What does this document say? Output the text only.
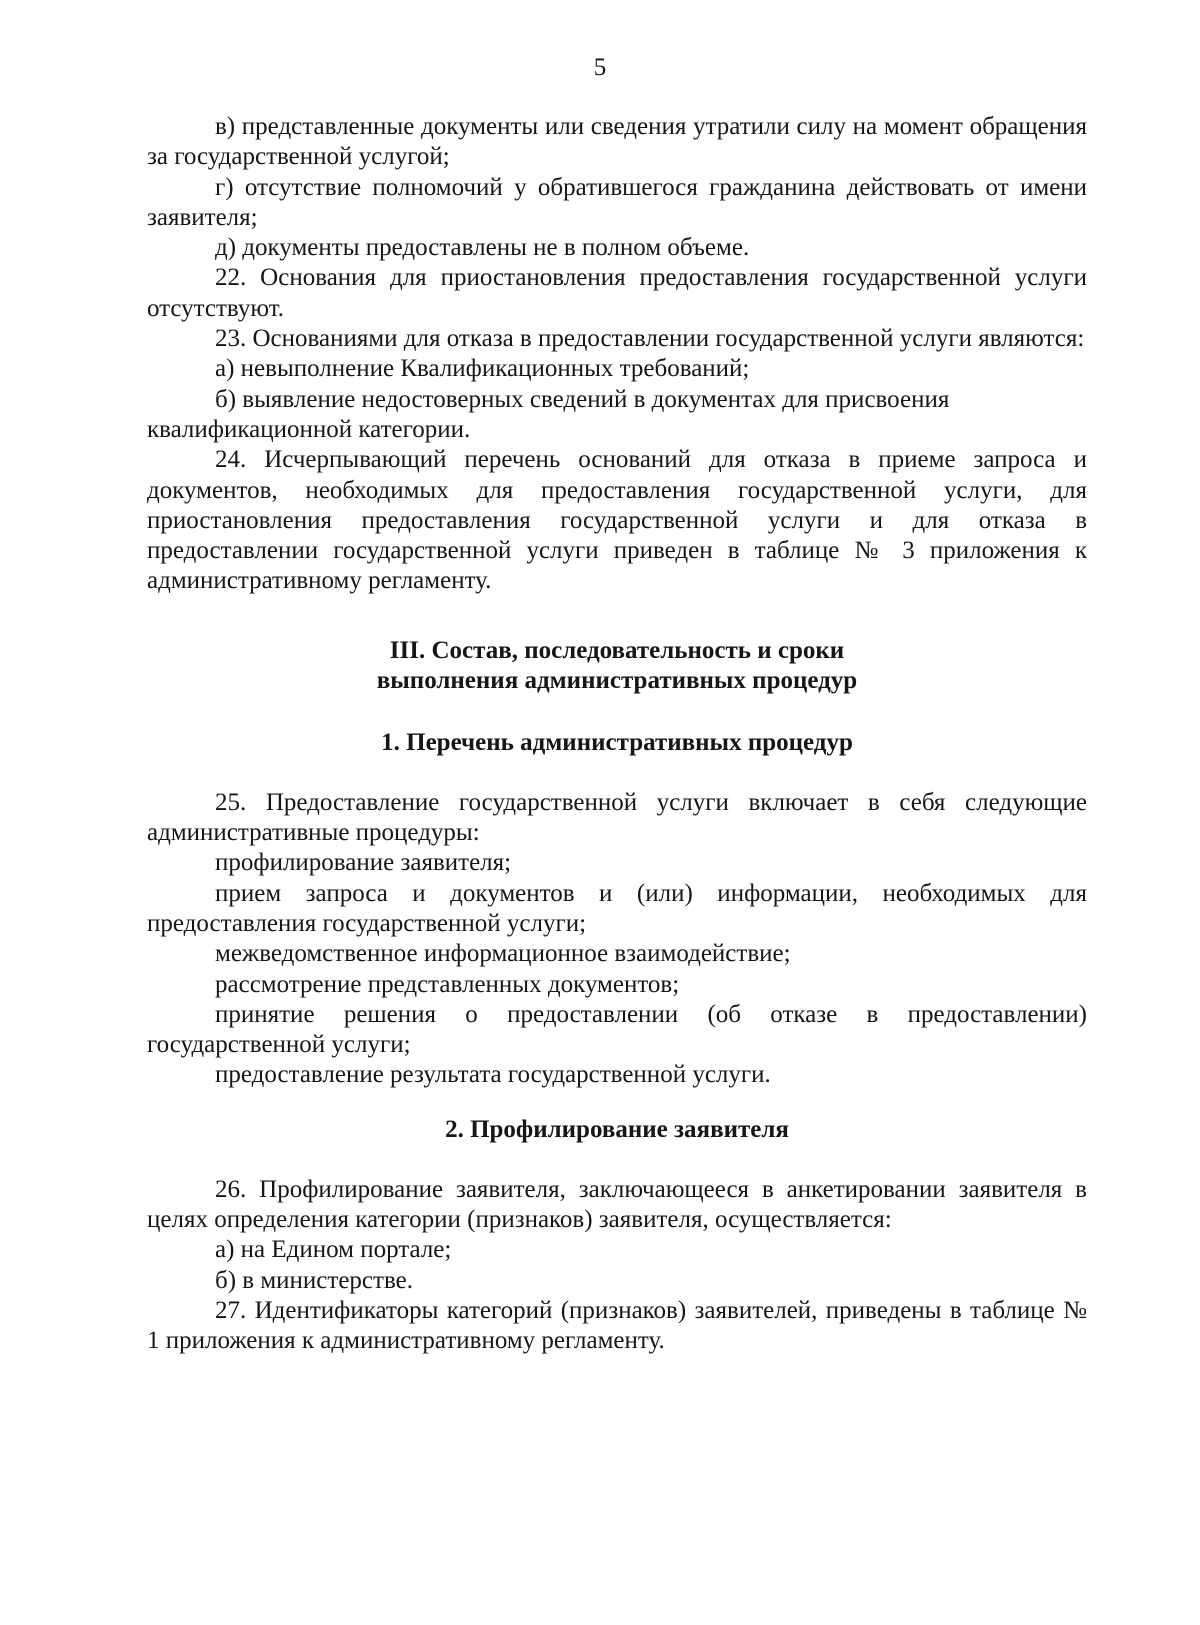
5

в) представленные документы или сведения утратили силу на момент обращения за государственной услугой;

г) отсутствие полномочий у обратившегося гражданина действовать от имени заявителя;

д) документы предоставлены не в полном объеме.

22. Основания для приостановления предоставления государственной услуги отсутствуют.

23. Основаниями для отказа в предоставлении государственной услуги являются:

а) невыполнение Квалификационных требований;

б) выявление недостоверных сведений в документах для присвоения квалификационной категории.

24. Исчерпывающий перечень оснований для отказа в приеме запроса и документов, необходимых для предоставления государственной услуги, для приостановления предоставления государственной услуги и для отказа в предоставлении государственной услуги приведен в таблице № 3 приложения к административному регламенту.

III. Состав, последовательность и сроки
выполнения административных процедур
1. Перечень административных процедур

25. Предоставление государственной услуги включает в себя следующие административные процедуры:

профилирование заявителя;

прием запроса и документов и (или) информации, необходимых для предоставления государственной услуги;

межведомственное информационное взаимодействие;

рассмотрение представленных документов;

принятие решения о предоставлении (об отказе в предоставлении) государственной услуги;

предоставление результата государственной услуги.

2. Профилирование заявителя

26. Профилирование заявителя, заключающееся в анкетировании заявителя в целях определения категории (признаков) заявителя, осуществляется:

а) на Едином портале;

б) в министерстве.

27. Идентификаторы категорий (признаков) заявителей, приведены в таблице № 1 приложения к административному регламенту.
